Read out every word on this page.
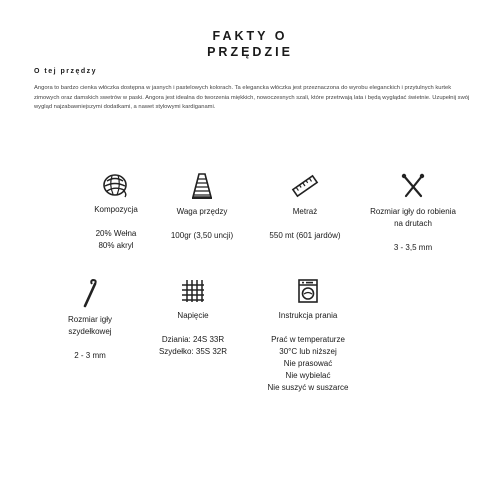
FAKTY O
PRZĘDZIE
O tej przędzy
Angora to bardzo cienka włóczka dostępna w jasnych i pastelowych kolorach. Ta elegancka włóczka jest przeznaczona do wyrobu eleganckich i przytulnych kurtek zimowych oraz damskich swetrów w paski. Angora jest idealna do tworzenia miękkich, nowoczesnych szali, które przetrwają lata i będą wyglądać świetnie. Uzupełnij swój wygląd najzabawniejszymi dodatkami, a nawet stylowymi kardiganami.
Kompozycja
20% Wełna
80% akryl
Waga przędzy
100gr (3,50 uncji)
Metraż
550 mt (601 jardów)
Rozmiar igły do robienia
na drutach
3 - 3,5 mm
Rozmiar igły
szydełkowej
2 - 3 mm
Napięcie
Dziania: 24S 33R
Szydełko: 35S 32R
Instrukcja prania
Prać w temperaturze
30°C lub niższej
Nie prasować
Nie wybielać
Nie suszyć w suszarce
